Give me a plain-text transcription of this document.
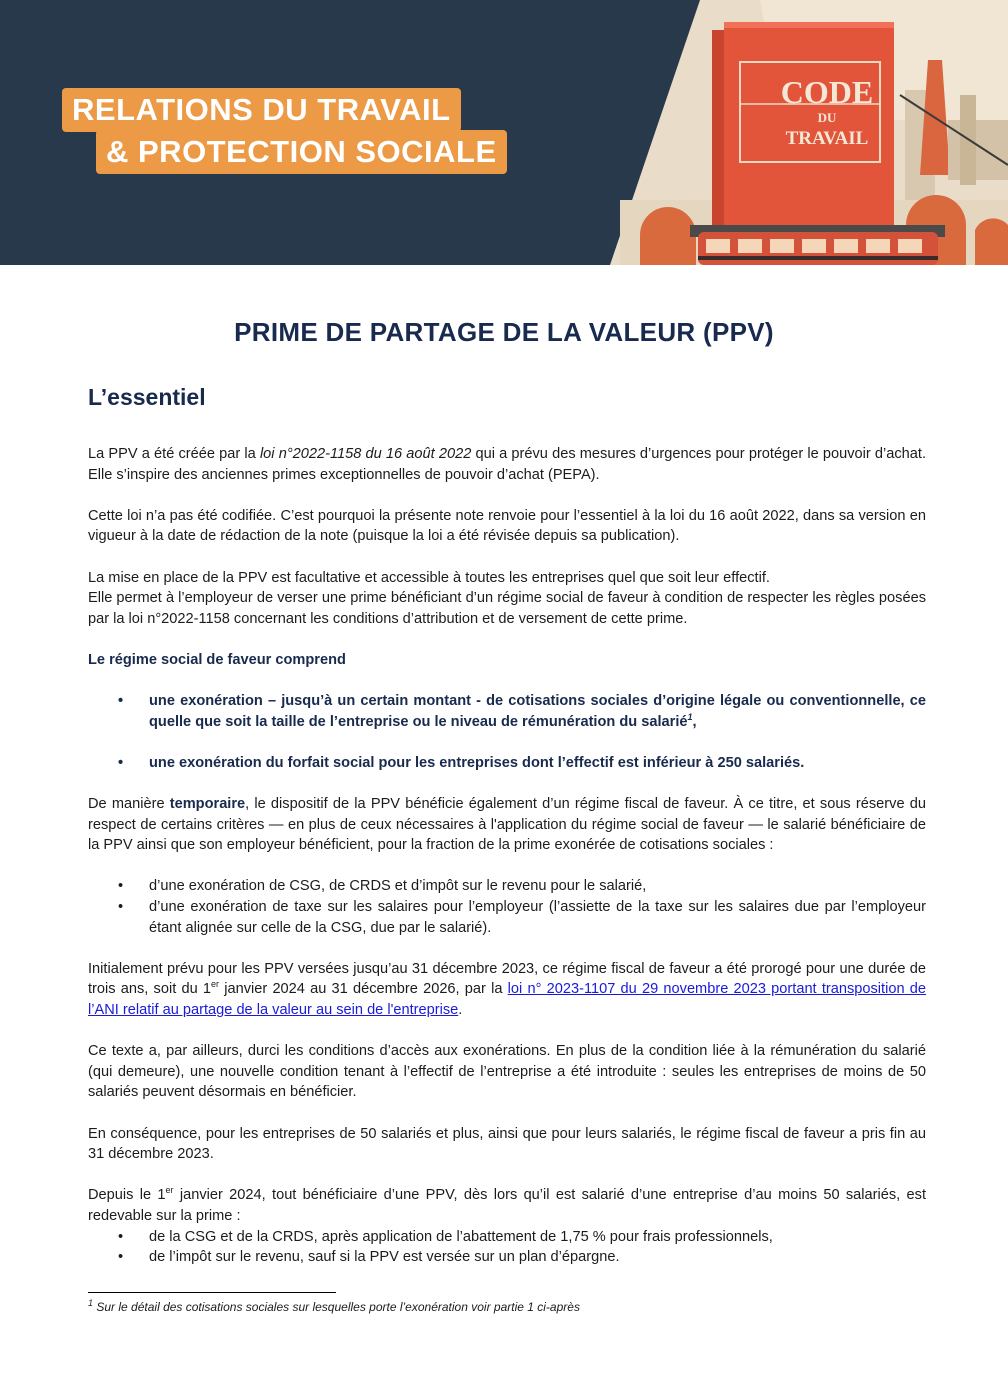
RELATIONS DU TRAVAIL
& PROTECTION SOCIALE
CODE
DU
TRAVAIL
PRIME DE PARTAGE DE LA VALEUR (PPV)
L’essentiel

La PPV a été créée par la loi n°2022-1158 du 16 août 2022 qui a prévu des mesures d’urgences pour protéger le pouvoir d’achat. Elle s’inspire des anciennes primes exceptionnelles de pouvoir d’achat (PEPA).

Cette loi n’a pas été codifiée. C’est pourquoi la présente note renvoie pour l’essentiel à la loi du 16 août 2022, dans sa version en vigueur à la date de rédaction de la note (puisque la loi a été révisée depuis sa publication).

La mise en place de la PPV est facultative et accessible à toutes les entreprises quel que soit leur effectif.
Elle permet à l’employeur de verser une prime bénéficiant d’un régime social de faveur à condition de respecter les règles posées par la loi n°2022-1158 concernant les conditions d’attribution et de versement de cette prime.

Le régime social de faveur comprend

• une exonération – jusqu’à un certain montant - de cotisations sociales d’origine légale ou conventionnelle, ce quelle que soit la taille de l’entreprise ou le niveau de rémunération du salarié$^1$,
• une exonération du forfait social pour les entreprises dont l’effectif est inférieur à 250 salariés.

De manière temporaire, le dispositif de la PPV bénéficie également d’un régime fiscal de faveur. À ce titre, et sous réserve du respect de certains critères — en plus de ceux nécessaires à l'application du régime social de faveur — le salarié bénéficiaire de la PPV ainsi que son employeur bénéficient, pour la fraction de la prime exonérée de cotisations sociales :

• d’une exonération de CSG, de CRDS et d’impôt sur le revenu pour le salarié,
• d’une exonération de taxe sur les salaires pour l’employeur (l’assiette de la taxe sur les salaires due par l’employeur étant alignée sur celle de la CSG, due par le salarié).

Initialement prévu pour les PPV versées jusqu’au 31 décembre 2023, ce régime fiscal de faveur a été prorogé pour une durée de trois ans, soit du 1er janvier 2024 au 31 décembre 2026, par la loi n° 2023-1107 du 29 novembre 2023 portant transposition de l’ANI relatif au partage de la valeur au sein de l'entreprise.

Ce texte a, par ailleurs, durci les conditions d’accès aux exonérations. En plus de la condition liée à la rémunération du salarié (qui demeure), une nouvelle condition tenant à l’effectif de l’entreprise a été introduite : seules les entreprises de moins de 50 salariés peuvent désormais en bénéficier.

En conséquence, pour les entreprises de 50 salariés et plus, ainsi que pour leurs salariés, le régime fiscal de faveur a pris fin au 31 décembre 2023.

Depuis le 1er janvier 2024, tout bénéficiaire d’une PPV, dès lors qu’il est salarié d’une entreprise d’au moins 50 salariés, est redevable sur la prime :

• de la CSG et de la CRDS, après application de l’abattement de 1,75 % pour frais professionnels,
• de l’impôt sur le revenu, sauf si la PPV est versée sur un plan d’épargne.
$^1$ Sur le détail des cotisations sociales sur lesquelles porte l’exonération voir partie 1 ci-après
